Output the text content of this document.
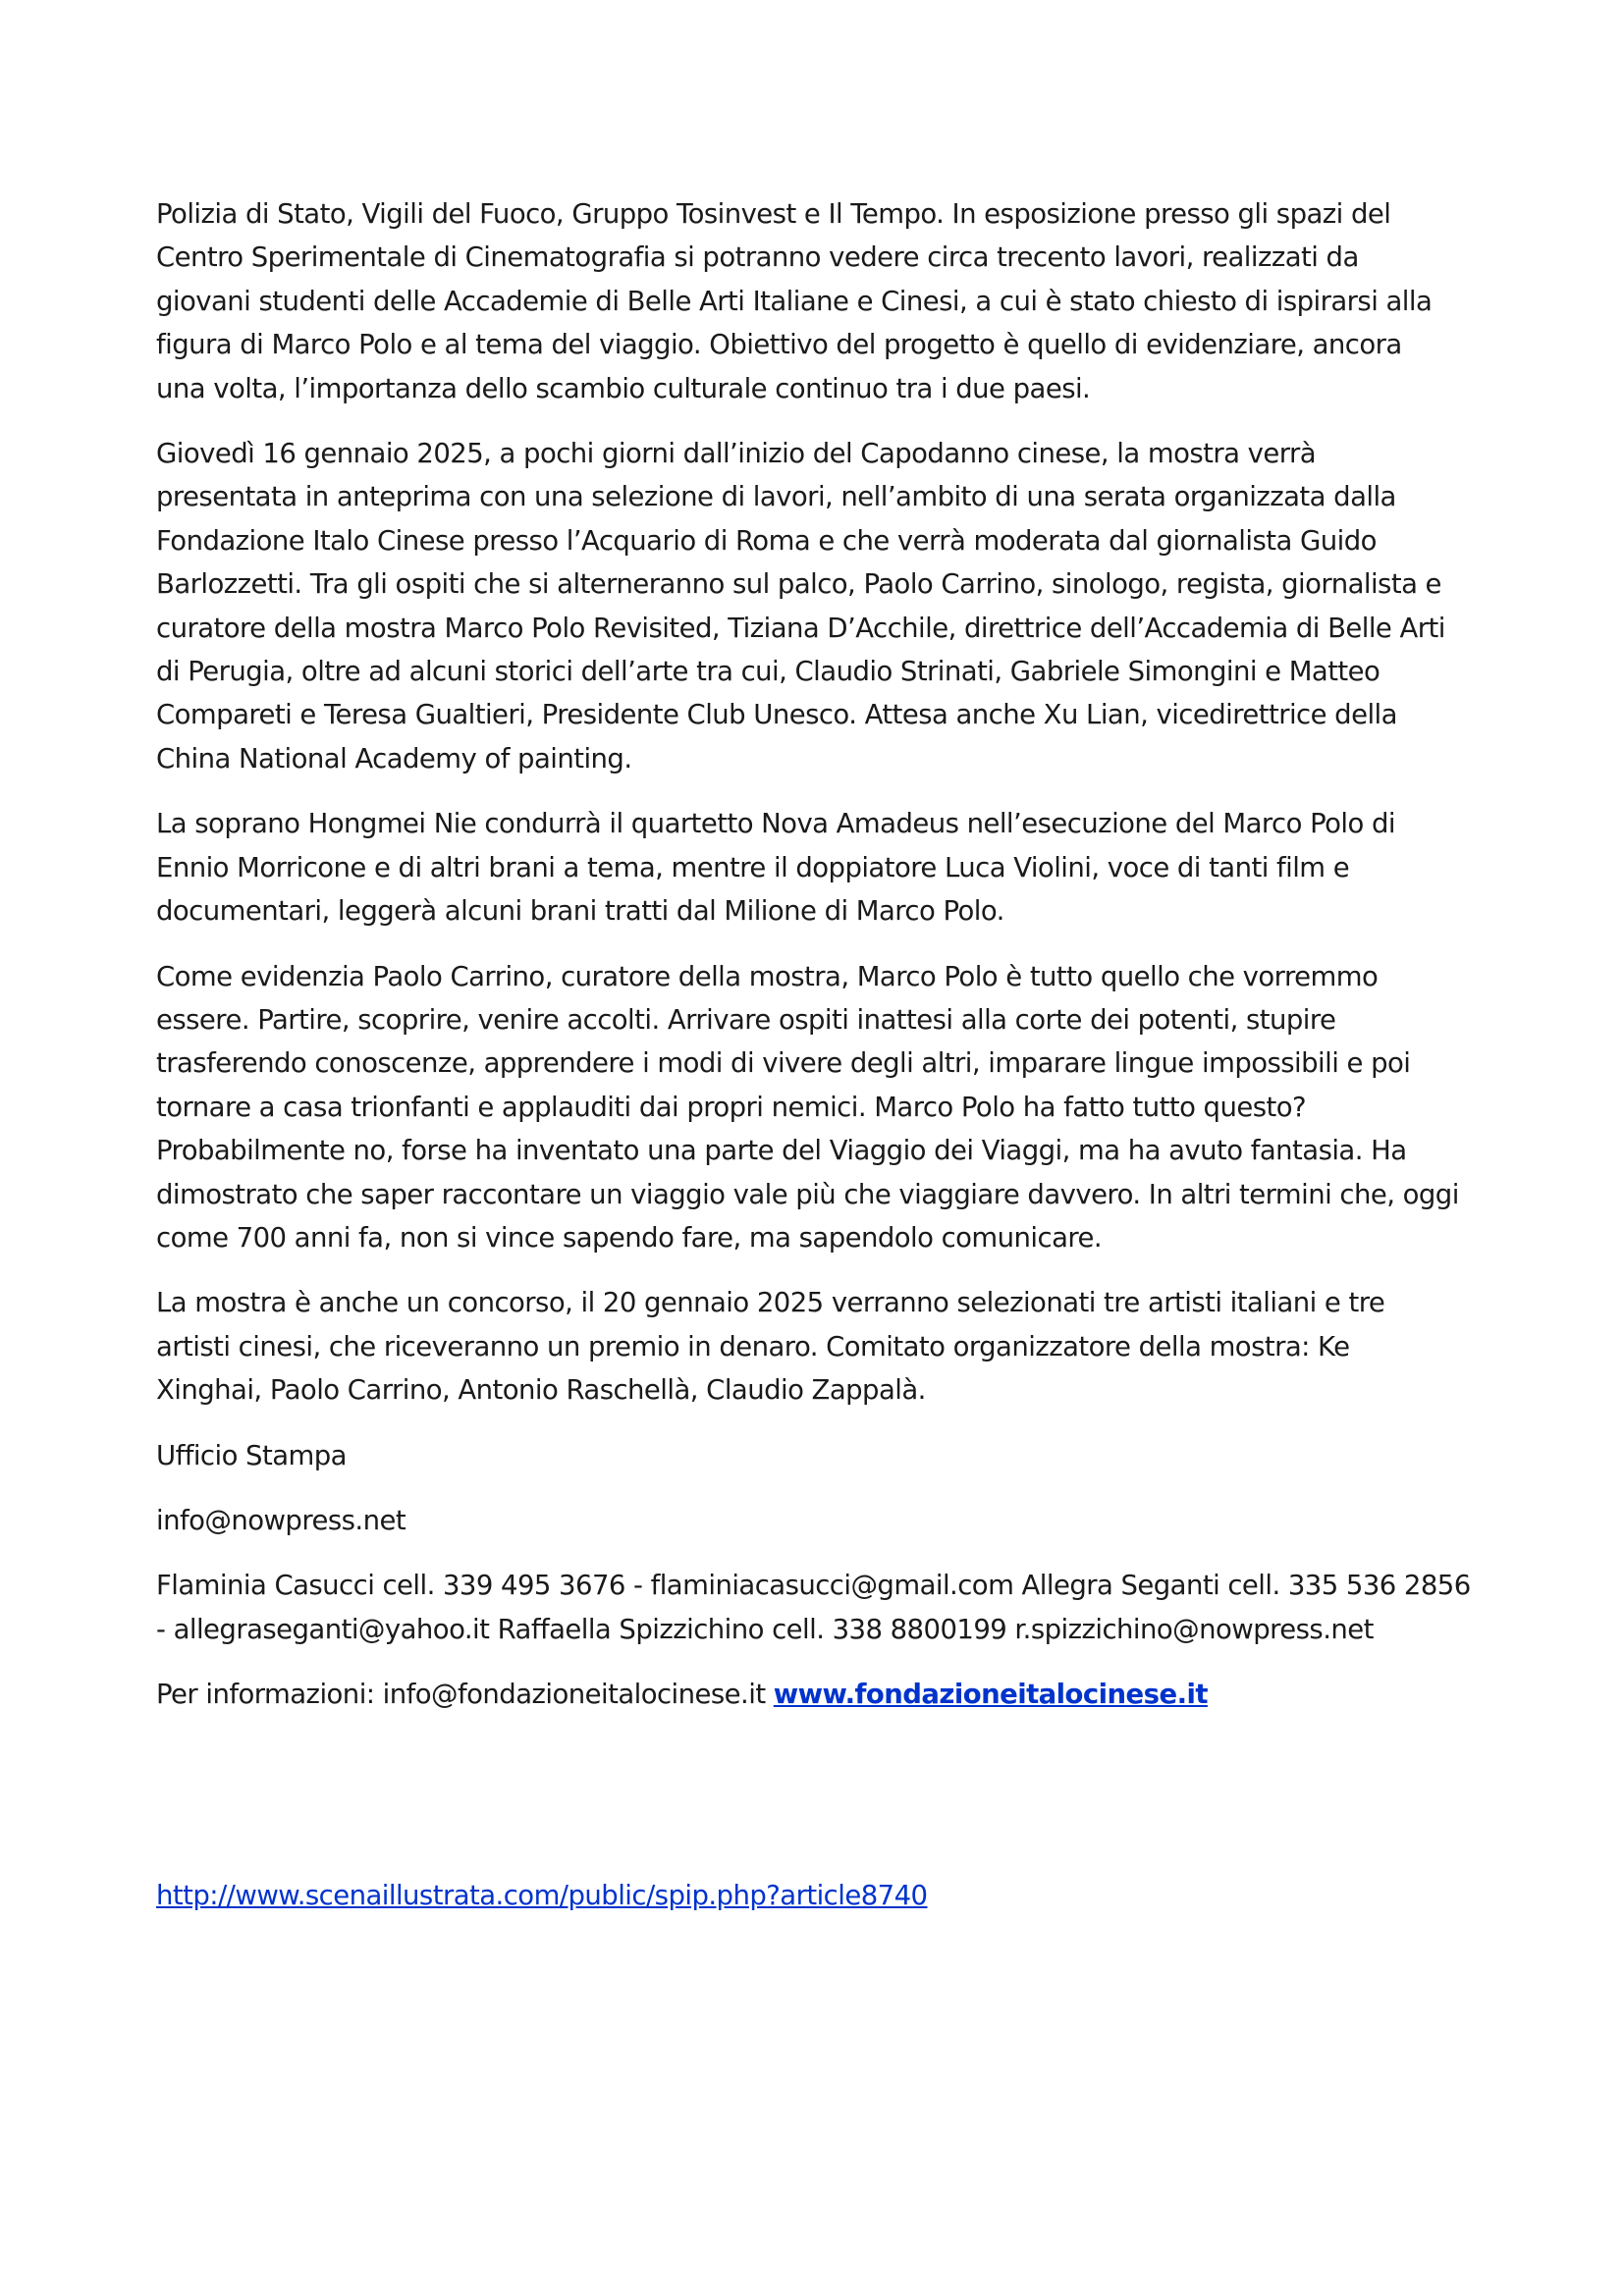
Polizia di Stato, Vigili del Fuoco, Gruppo Tosinvest e Il Tempo. In esposizione presso gli spazi del
Centro Sperimentale di Cinematografia si potranno vedere circa trecento lavori, realizzati da
giovani studenti delle Accademie di Belle Arti Italiane e Cinesi, a cui è stato chiesto di ispirarsi alla
figura di Marco Polo e al tema del viaggio. Obiettivo del progetto è quello di evidenziare, ancora
una volta, l’importanza dello scambio culturale continuo tra i due paesi.

Giovedì 16 gennaio 2025, a pochi giorni dall’inizio del Capodanno cinese, la mostra verrà
presentata in anteprima con una selezione di lavori, nell’ambito di una serata organizzata dalla
Fondazione Italo Cinese presso l’Acquario di Roma e che verrà moderata dal giornalista Guido
Barlozzetti. Tra gli ospiti che si alterneranno sul palco, Paolo Carrino, sinologo, regista, giornalista e
curatore della mostra Marco Polo Revisited, Tiziana D’Acchile, direttrice dell’Accademia di Belle Arti
di Perugia, oltre ad alcuni storici dell’arte tra cui, Claudio Strinati, Gabriele Simongini e Matteo
Compareti e Teresa Gualtieri, Presidente Club Unesco. Attesa anche Xu Lian, vicedirettrice della
China National Academy of painting.

La soprano Hongmei Nie condurrà il quartetto Nova Amadeus nell’esecuzione del Marco Polo di
Ennio Morricone e di altri brani a tema, mentre il doppiatore Luca Violini, voce di tanti film e
documentari, leggerà alcuni brani tratti dal Milione di Marco Polo.

Come evidenzia Paolo Carrino, curatore della mostra, Marco Polo è tutto quello che vorremmo
essere. Partire, scoprire, venire accolti. Arrivare ospiti inattesi alla corte dei potenti, stupire
trasferendo conoscenze, apprendere i modi di vivere degli altri, imparare lingue impossibili e poi
tornare a casa trionfanti e applauditi dai propri nemici. Marco Polo ha fatto tutto questo?
Probabilmente no, forse ha inventato una parte del Viaggio dei Viaggi, ma ha avuto fantasia. Ha
dimostrato che saper raccontare un viaggio vale più che viaggiare davvero. In altri termini che, oggi
come 700 anni fa, non si vince sapendo fare, ma sapendolo comunicare.

La mostra è anche un concorso, il 20 gennaio 2025 verranno selezionati tre artisti italiani e tre
artisti cinesi, che riceveranno un premio in denaro. Comitato organizzatore della mostra: Ke
Xinghai, Paolo Carrino, Antonio Raschellà, Claudio Zappalà.

Ufficio Stampa

info@nowpress.net

Flaminia Casucci cell. 339 495 3676 - flaminiacasucci@gmail.com Allegra Seganti cell. 335 536 2856
- allegraseganti@yahoo.it Raffaella Spizzichino cell. 338 8800199 r.spizzichino@nowpress.net

Per informazioni: info@fondazioneitalocinese.it www.fondazioneitalocinese.it

http://www.scenaillustrata.com/public/spip.php?article8740
